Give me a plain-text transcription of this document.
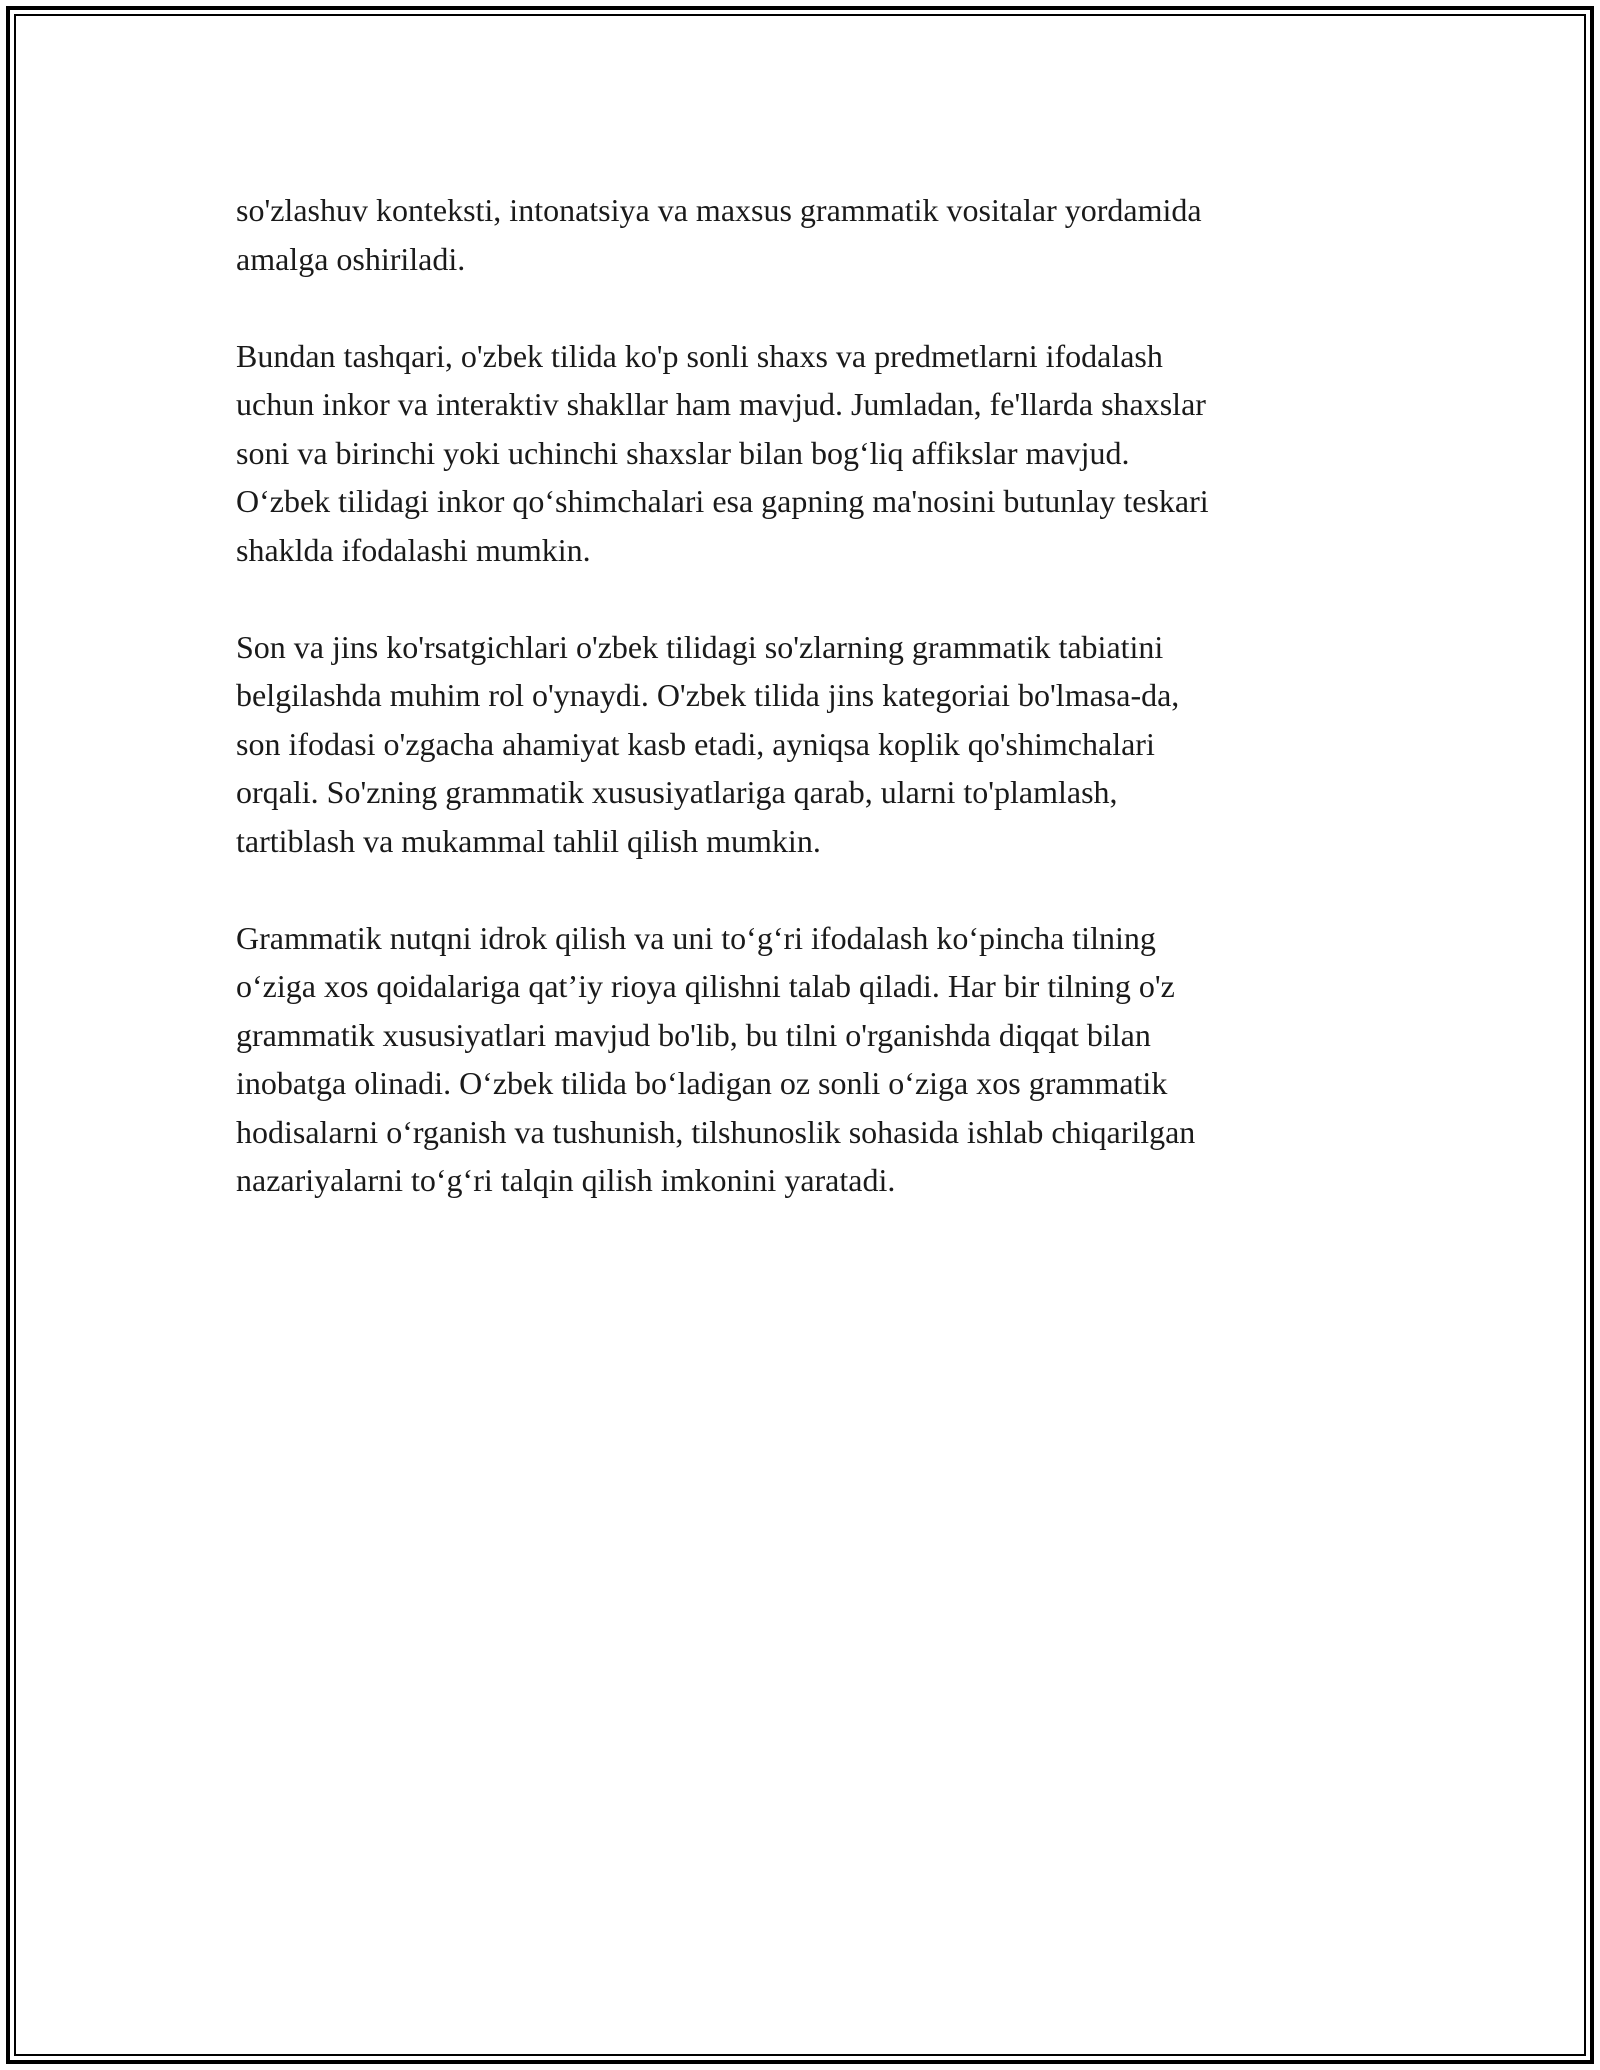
so'zlashuv konteksti, intonatsiya va maxsus grammatik vositalar yordamida
amalga oshiriladi.

Bundan tashqari, o'zbek tilida ko'p sonli shaxs va predmetlarni ifodalash
uchun inkor va interaktiv shakllar ham mavjud. Jumladan, fe'llarda shaxslar
soni va birinchi yoki uchinchi shaxslar bilan bog‘liq affikslar mavjud.
O‘zbek tilidagi inkor qo‘shimchalari esa gapning ma'nosini butunlay teskari
shaklda ifodalashi mumkin.

Son va jins ko'rsatgichlari o'zbek tilidagi so'zlarning grammatik tabiatini
belgilashda muhim rol o'ynaydi. O'zbek tilida jins kategoriai bo'lmasa-da,
son ifodasi o'zgacha ahamiyat kasb etadi, ayniqsa koplik qo'shimchalari
orqali. So'zning grammatik xususiyatlariga qarab, ularni to'plamlash,
tartiblash va mukammal tahlil qilish mumkin.

Grammatik nutqni idrok qilish va uni to‘g‘ri ifodalash ko‘pincha tilning
o‘ziga xos qoidalariga qat’iy rioya qilishni talab qiladi. Har bir tilning o'z
grammatik xususiyatlari mavjud bo'lib, bu tilni o'rganishda diqqat bilan
inobatga olinadi. O‘zbek tilida bo‘ladigan oz sonli o‘ziga xos grammatik
hodisalarni o‘rganish va tushunish, tilshunoslik sohasida ishlab chiqarilgan
nazariyalarni to‘g‘ri talqin qilish imkonini yaratadi.
